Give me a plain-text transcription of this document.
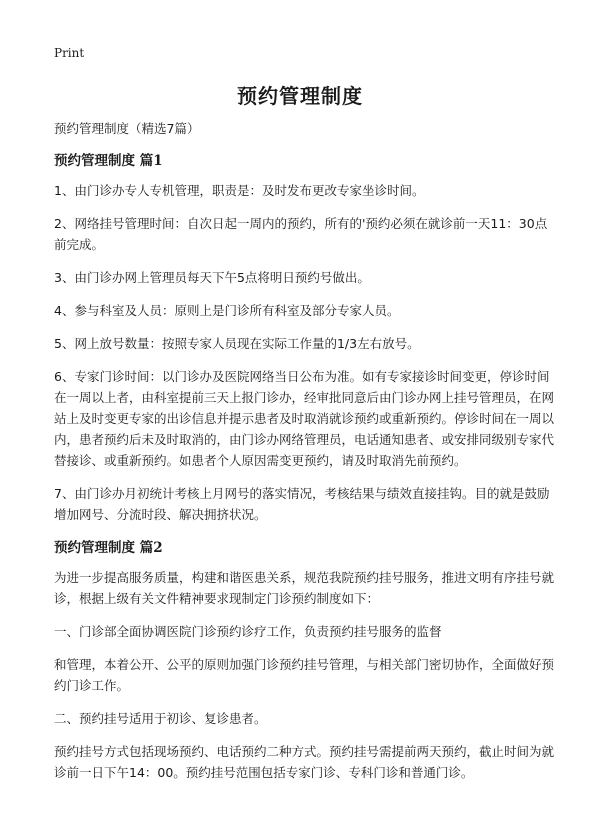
Print
预约管理制度

预约管理制度（精选7篇）

预约管理制度 篇1

1、由门诊办专人专机管理，职责是：及时发布更改专家坐诊时间。

2、网络挂号管理时间：自次日起一周内的预约，所有的'预约必须在就诊前一天11：30点前完成。

3、由门诊办网上管理员每天下午5点将明日预约号做出。

4、参与科室及人员：原则上是门诊所有科室及部分专家人员。

5、网上放号数量：按照专家人员现在实际工作量的1/3左右放号。

6、专家门诊时间：以门诊办及医院网络当日公布为准。如有专家接诊时间变更，停诊时间在一周以上者，由科室提前三天上报门诊办，经审批同意后由门诊办网上挂号管理员，在网站上及时变更专家的出诊信息并提示患者及时取消就诊预约或重新预约。停诊时间在一周以内，患者预约后未及时取消的，由门诊办网络管理员，电话通知患者、或安排同级别专家代替接诊、或重新预约。如患者个人原因需变更预约，请及时取消先前预约。

7、由门诊办月初统计考核上月网号的落实情况，考核结果与绩效直接挂钩。目的就是鼓励增加网号、分流时段、解决拥挤状况。

预约管理制度 篇2

为进一步提高服务质量，构建和谐医患关系，规范我院预约挂号服务，推进文明有序挂号就诊，根据上级有关文件精神要求现制定门诊预约制度如下：

一、门诊部全面协调医院门诊预约诊疗工作，负责预约挂号服务的监督

和管理，本着公开、公平的原则加强门诊预约挂号管理，与相关部门密切协作，全面做好预约门诊工作。

二、预约挂号适用于初诊、复诊患者。

预约挂号方式包括现场预约、电话预约二种方式。预约挂号需提前两天预约，截止时间为就诊前一日下午14：00。预约挂号范围包括专家门诊、专科门诊和普通门诊。
